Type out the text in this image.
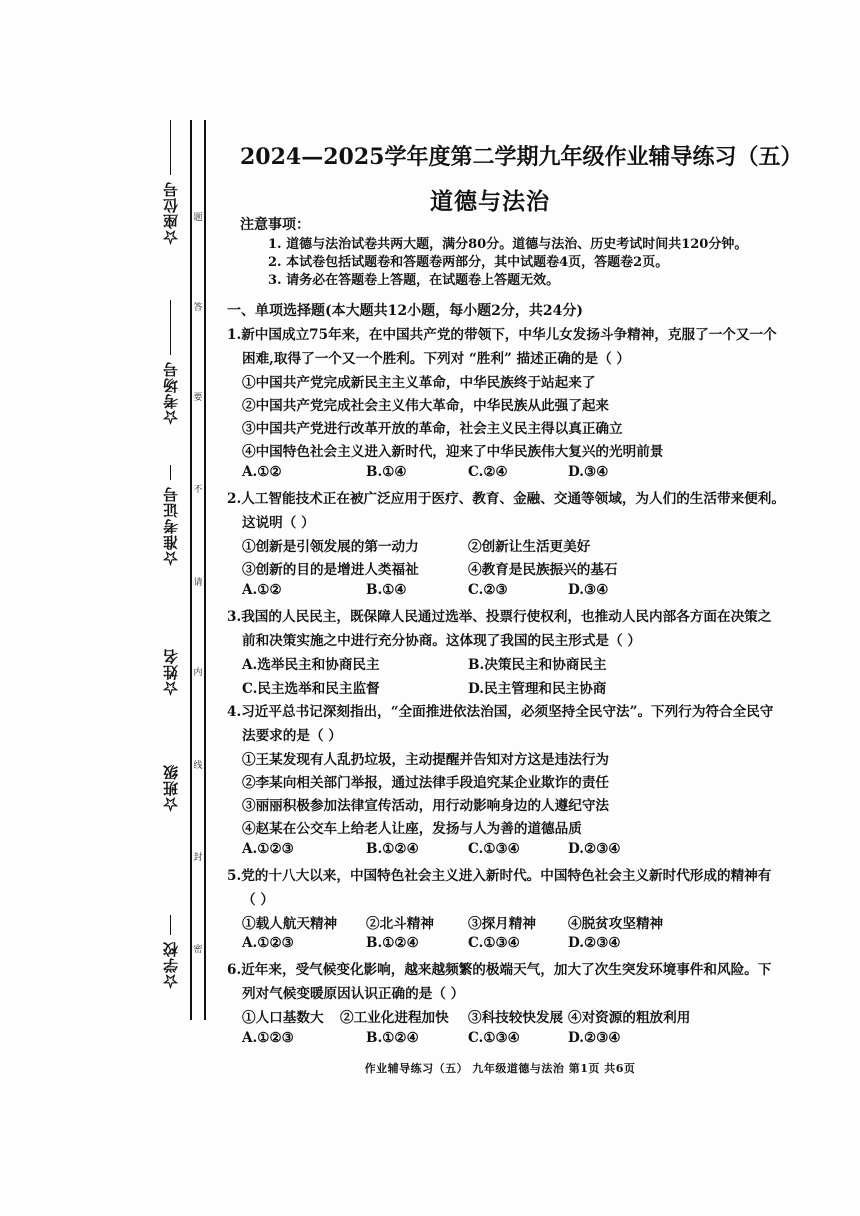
☆座位号
☆考场号
☆准考证号
☆姓名
☆班级
☆学校
题
答
要
不
请
内
线
封
密
2024—2025学年度第二学期九年级作业辅导练习（五）
道德与法治
注意事项：
1. 道德与法治试卷共两大题，满分80分。道德与法治、历史考试时间共120分钟。
2. 本试卷包括试题卷和答题卷两部分，其中试题卷4页，答题卷2页。
3. 请务必在答题卷上答题，在试题卷上答题无效。
一、单项选择题(本大题共12小题，每小题2分，共24分)
1.新中国成立75年来，在中国共产党的带领下，中华儿女发扬斗争精神，克服了一个又一个
困难,取得了一个又一个胜利。下列对 “胜利” 描述正确的是（ ）
①中国共产党完成新民主主义革命，中华民族终于站起来了
②中国共产党完成社会主义伟大革命，中华民族从此强了起来
③中国共产党进行改革开放的革命，社会主义民主得以真正确立
④中国特色社会主义进入新时代，迎来了中华民族伟大复兴的光明前景
A.①②	B.①④	C.②④	D.③④
2.人工智能技术正在被广泛应用于医疗、教育、金融、交通等领域，为人们的生活带来便利。
这说明（ ）
①创新是引领发展的第一动力	②创新让生活更美好
③创新的目的是增进人类福祉	④教育是民族振兴的基石
A.①②	B.①④	C.②③	D.③④
3.我国的人民民主，既保障人民通过选举、投票行使权利，也推动人民内部各方面在决策之
前和决策实施之中进行充分协商。这体现了我国的民主形式是（ ）
A.选举民主和协商民主	B.决策民主和协商民主
C.民主选举和民主监督	D.民主管理和民主协商
4.习近平总书记深刻指出，“全面推进依法治国，必须坚持全民守法”。下列行为符合全民守
法要求的是（ ）
①王某发现有人乱扔垃圾，主动提醒并告知对方这是违法行为
②李某向相关部门举报，通过法律手段追究某企业欺诈的责任
③丽丽积极参加法律宣传活动，用行动影响身边的人遵纪守法
④赵某在公交车上给老人让座，发扬与人为善的道德品质
A.①②③	B.①②④	C.①③④	D.②③④
5.党的十八大以来，中国特色社会主义进入新时代。中国特色社会主义新时代形成的精神有
（ ）
①载人航天精神 ②北斗精神	③探月精神 ④脱贫攻坚精神
A.①②③	B.①②④	C.①③④	D.②③④
6.近年来，受气候变化影响，越来越频繁的极端天气，加大了次生突发环境事件和风险。下
列对气候变暖原因认识正确的是（ ）
①人口基数大 ②工业化进程加快 ③科技较快发展 ④对资源的粗放利用
作业辅导练习（五） 九年级道德与法治 第1页 共6页
A.①②③	B.①②④	C.①③④	D.②③④
